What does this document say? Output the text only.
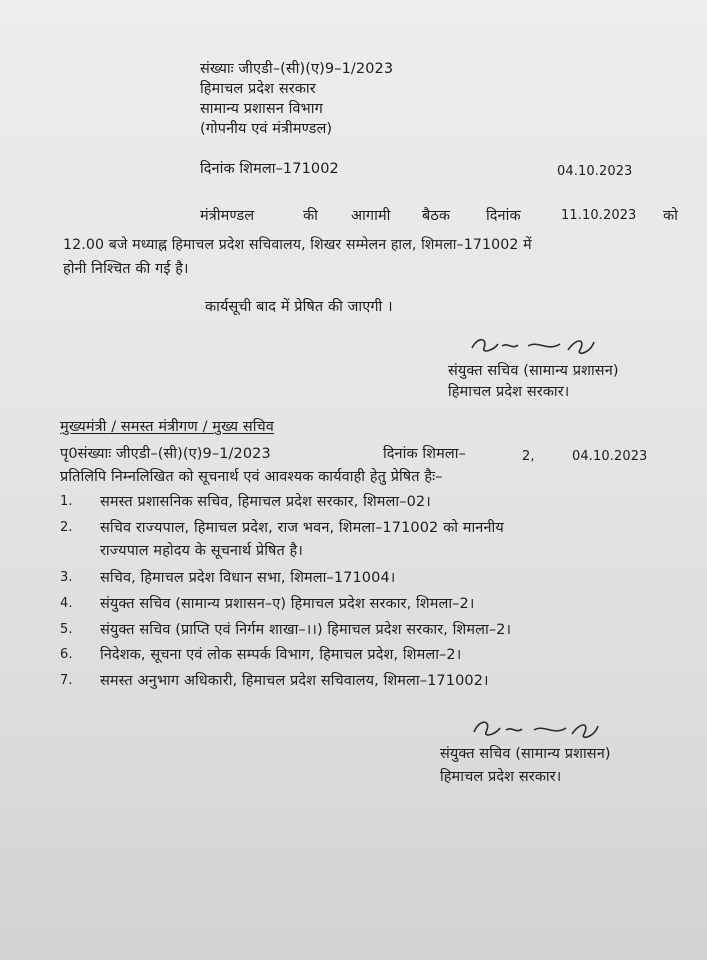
संख्याः जीएडी–(सी)(ए)9–1/2023
हिमाचल प्रदेश सरकार
सामान्य प्रशासन विभाग
(गोपनीय एवं मंत्रीमण्डल)
दिनांक शिमला–171002	04.10.2023
मंत्रीमण्डल	की आगामी बैठक दिनांक	11.10.2023 को
12.00 बजे मध्याह्न हिमाचल प्रदेश सचिवालय, शिखर सम्मेलन हाल, शिमला–171002 में
होनी निश्चित की गई है।
कार्यसूची बाद में प्रेषित की जाएगी ।
संयुक्त सचिव (सामान्य प्रशासन)
हिमाचल प्रदेश सरकार।
मुख्यमंत्री / समस्त मंत्रीगण / मुख्य सचिव
पृ0संख्याः जीएडी–(सी)(ए)9–1/2023	दिनांक शिमला–	2,	04.10.2023
प्रतिलिपि निम्नलिखित को सूचनार्थ एवं आवश्यक कार्यवाही हेतु प्रेषित हैः–
1. समस्त प्रशासनिक सचिव, हिमाचल प्रदेश सरकार, शिमला–02।
2. सचिव राज्यपाल, हिमाचल प्रदेश, राज भवन, शिमला–171002 को माननीय
राज्यपाल महोदय के सूचनार्थ प्रेषित है।
3. सचिव, हिमाचल प्रदेश विधान सभा, शिमला–171004।
4. संयुक्त सचिव (सामान्य प्रशासन–ए) हिमाचल प्रदेश सरकार, शिमला–2।
5. संयुक्त सचिव (प्राप्ति एवं निर्गम शाखा–।।) हिमाचल प्रदेश सरकार, शिमला–2।
6. निदेशक, सूचना एवं लोक सम्पर्क विभाग, हिमाचल प्रदेश, शिमला–2।
7. समस्त अनुभाग अधिकारी, हिमाचल प्रदेश सचिवालय, शिमला–171002।
संयुक्त सचिव (सामान्य प्रशासन)
हिमाचल प्रदेश सरकार।
